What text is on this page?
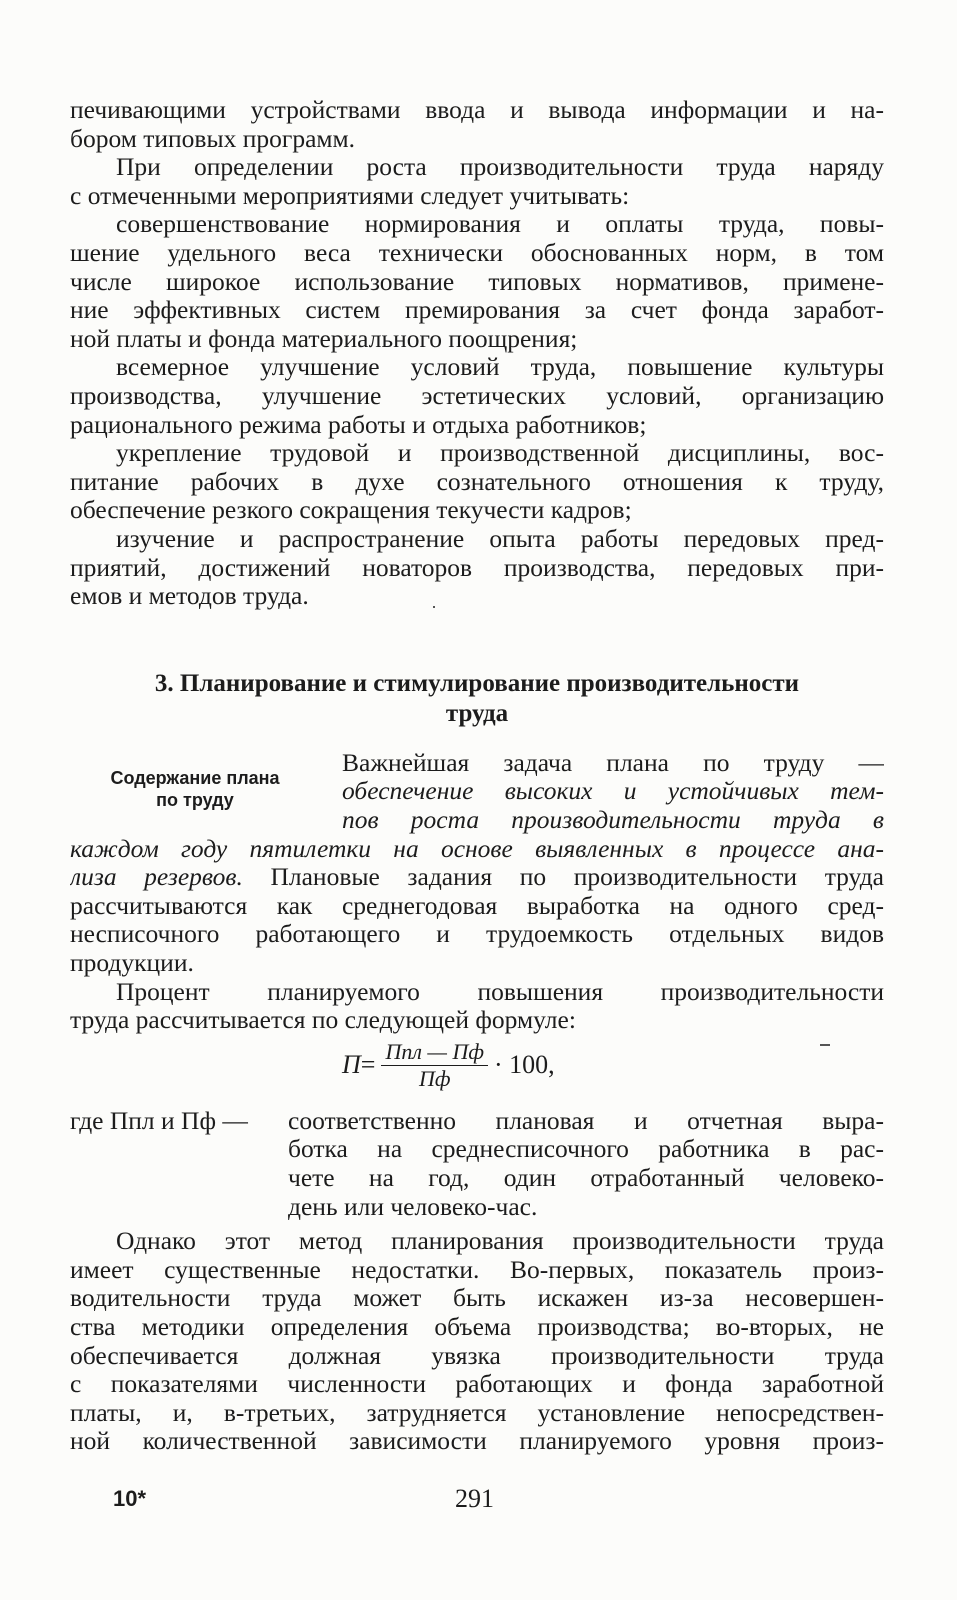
печивающими устройствами ввода и вывода информации и на-
бором типовых программ.
При определении роста производительности труда наряду
с отмеченными мероприятиями следует учитывать:
совершенствование нормирования и оплаты труда, повы-
шение удельного веса технически обоснованных норм, в том
числе широкое использование типовых нормативов, примене-
ние эффективных систем премирования за счет фонда заработ-
ной платы и фонда материального поощрения;
всемерное улучшение условий труда, повышение культуры
производства, улучшение эстетических условий, организацию
рационального режима работы и отдыха работников;
укрепление трудовой и производственной дисциплины, вос-
питание рабочих в духе сознательного отношения к труду,
обеспечение резкого сокращения текучести кадров;
изучение и распространение опыта работы передовых пред-
приятий, достижений новаторов производства, передовых при-
емов и методов труда.
3. Планирование и стимулирование производительности
труда
Содержание плана
по труду
Важнейшая задача плана по труду —
обеспечение высоких и устойчивых тем-
пов роста производительности труда в
каждом году пятилетки на основе выявленных в процессе ана-
лиза резервов. Плановые задания по производительности труда
рассчитываются как среднегодовая выработка на одного сред-
несписочного работающего и трудоемкость отдельных видов
продукции.
Процент планируемого повышения производительности
труда рассчитывается по следующей формуле:
$П = \frac{\text{Ппл — Пф}}{Пф} \cdot 100$,
где Ппл и Пф — соответственно плановая и отчетная выра-
ботка на среднесписочного работника в рас-
чете на год, один отработанный человеко-
день или человеко-час.
Однако этот метод планирования производительности труда
имеет существенные недостатки. Во-первых, показатель произ-
водительности труда может быть искажен из-за несовершен-
ства методики определения объема производства; во-вторых, не
обеспечивается должная увязка производительности труда
с показателями численности работающих и фонда заработной
платы, и, в-третьих, затрудняется установление непосредствен-
ной количественной зависимости планируемого уровня произ-
10*	291
